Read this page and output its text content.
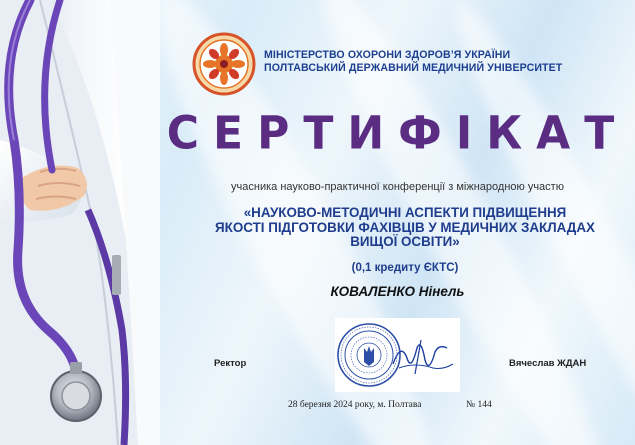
МІНІСТЕРСТВО ОХОРОНИ ЗДОРОВ’Я УКРАЇНИ
ПОЛТАВСЬКИЙ ДЕРЖАВНИЙ МЕДИЧНИЙ УНІВЕРСИТЕТ
СЕРТИФІКАТ
учасника науково-практичної конференції з міжнародною участю
«НАУКОВО-МЕТОДИЧНІ АСПЕКТИ ПІДВИЩЕННЯ
ЯКОСТІ ПІДГОТОВКИ ФАХІВЦІВ У МЕДИЧНИХ ЗАКЛАДАХ
ВИЩОЇ ОСВІТИ»
(0,1 кредиту ЄКТС)
КОВАЛЕНКО Нінель
Ректор	Вячеслав ЖДАН
28 березня 2024 року, м. Полтава	№ 144
